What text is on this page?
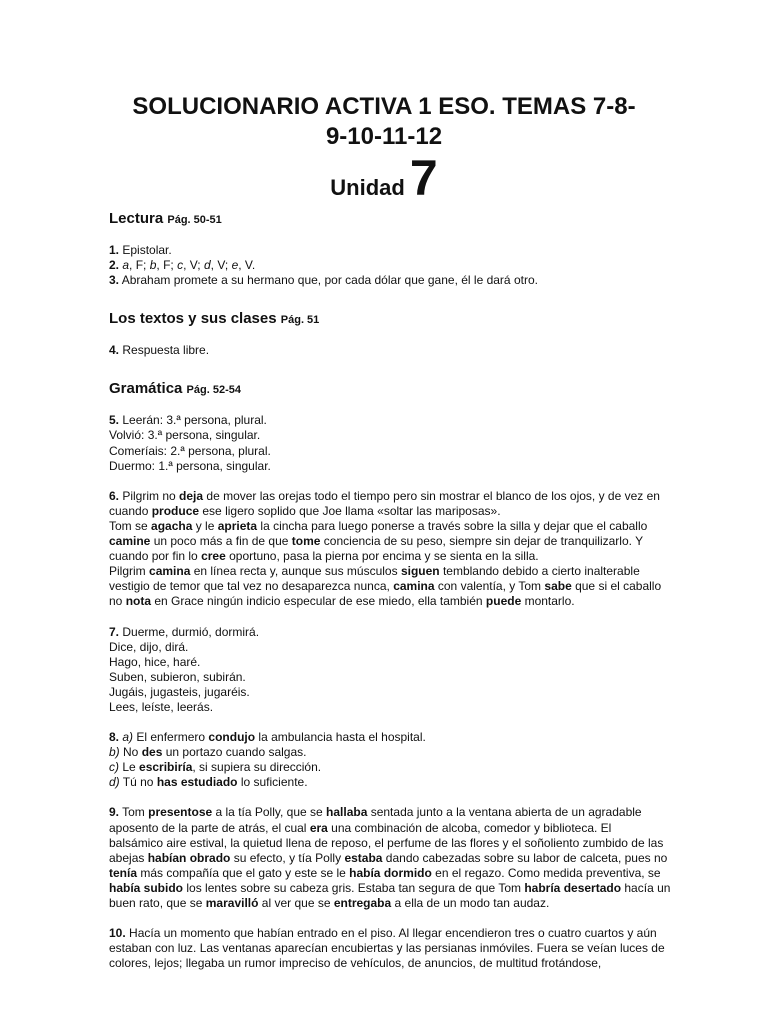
SOLUCIONARIO ACTIVA 1 ESO. TEMAS 7-8-
9-10-11-12
Unidad 7
Lectura Pág. 50-51

1. Epistolar.

2. a, F; b, F; c, V; d, V; e, V.

3. Abraham promete a su hermano que, por cada dólar que gane, él le dará otro.

Los textos y sus clases Pág. 51

4. Respuesta libre.

Gramática Pág. 52-54

5. Leerán: 3.ª persona, plural.

Volvió: 3.ª persona, singular.

Comeríais: 2.ª persona, plural.

Duermo: 1.ª persona, singular.

6. Pilgrim no deja de mover las orejas todo el tiempo pero sin mostrar el blanco de los ojos, y de vez en

cuando produce ese ligero soplido que Joe llama «soltar las mariposas».

Tom se agacha y le aprieta la cincha para luego ponerse a través sobre la silla y dejar que el caballo

camine un poco más a fin de que tome conciencia de su peso, siempre sin dejar de tranquilizarlo. Y

cuando por fin lo cree oportuno, pasa la pierna por encima y se sienta en la silla.

Pilgrim camina en línea recta y, aunque sus músculos siguen temblando debido a cierto inalterable

vestigio de temor que tal vez no desaparezca nunca, camina con valentía, y Tom sabe que si el caballo

no nota en Grace ningún indicio especular de ese miedo, ella también puede montarlo.

7. Duerme, durmió, dormirá.

Dice, dijo, dirá.

Hago, hice, haré.

Suben, subieron, subirán.

Jugáis, jugasteis, jugaréis.

Lees, leíste, leerás.

8. a) El enfermero condujo la ambulancia hasta el hospital.

b) No des un portazo cuando salgas.

c) Le escribiría, si supiera su dirección.

d) Tú no has estudiado lo suficiente.

9. Tom presentose a la tía Polly, que se hallaba sentada junto a la ventana abierta de un agradable

aposento de la parte de atrás, el cual era una combinación de alcoba, comedor y biblioteca. El

balsámico aire estival, la quietud llena de reposo, el perfume de las flores y el soñoliento zumbido de las

abejas habían obrado su efecto, y tía Polly estaba dando cabezadas sobre su labor de calceta, pues no

tenía más compañía que el gato y este se le había dormido en el regazo. Como medida preventiva, se

había subido los lentes sobre su cabeza gris. Estaba tan segura de que Tom habría desertado hacía un

buen rato, que se maravilló al ver que se entregaba a ella de un modo tan audaz.

10. Hacía un momento que habían entrado en el piso. Al llegar encendieron tres o cuatro cuartos y aún

estaban con luz. Las ventanas aparecían encubiertas y las persianas inmóviles. Fuera se veían luces de

colores, lejos; llegaba un rumor impreciso de vehículos, de anuncios, de multitud frotándose,
